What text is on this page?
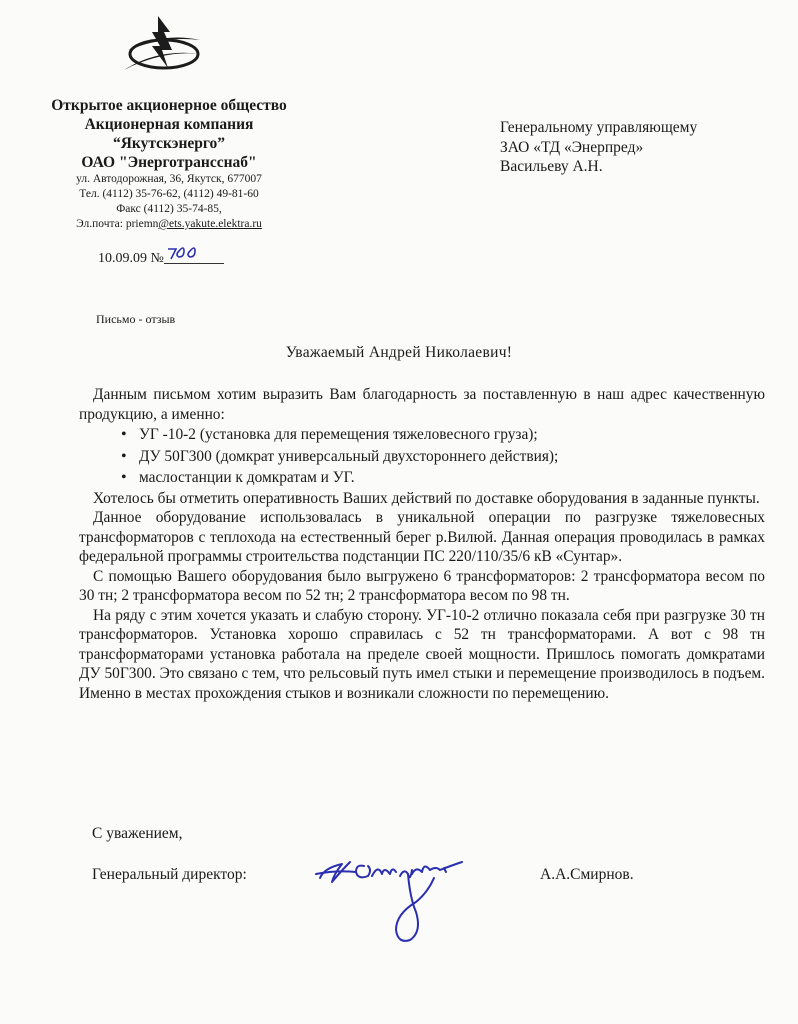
Открытое акционерное общество
Акционерная компания
“Якутскэнерго”
ОАО "Энерготрансснаб"
ул. Автодорожная, 36, Якутск, 677007
Тел. (4112) 35-76-62, (4112) 49-81-60
Факс (4112) 35-74-85,
Эл.почта: priemn@ets.yakute.elektra.ru
10.09.09 №
Генеральному управляющему
ЗАО «ТД «Энерпред»
Васильеву А.Н.
Письмо - отзыв
Уважаемый Андрей Николаевич!

Данным письмом хотим выразить Вам благодарность за поставленную в наш адрес качественную продукцию, а именно:

• УГ -10-2 (установка для перемещения тяжеловесного груза);
• ДУ 50Г300 (домкрат универсальный двухстороннего действия);
• маслостанции к домкратам и УГ.

Хотелось бы отметить оперативность Ваших действий по доставке оборудования в заданные пункты.

Данное оборудование использовалась в уникальной операции по разгрузке тяжеловесных трансформаторов с теплохода на естественный берег р.Вилюй. Данная операция проводилась в рамках федеральной программы строительства подстанции ПС 220/110/35/6 кВ «Сунтар».

С помощью Вашего оборудования было выгружено 6 трансформаторов: 2 трансформатора весом по 30 тн; 2 трансформатора весом по 52 тн; 2 трансформатора весом по 98 тн.

На ряду с этим хочется указать и слабую сторону. УГ-10-2 отлично показала себя при разгрузке 30 тн трансформаторов. Установка хорошо справилась с 52 тн трансформаторами. А вот с 98 тн трансформаторами установка работала на пределе своей мощности. Пришлось помогать домкратами ДУ 50Г300. Это связано с тем, что рельсовый путь имел стыки и перемещение производилось в подъем. Именно в местах прохождения стыков и возникали сложности по перемещению.

С уважением,
Генеральный директор:	А.А.Смирнов.
